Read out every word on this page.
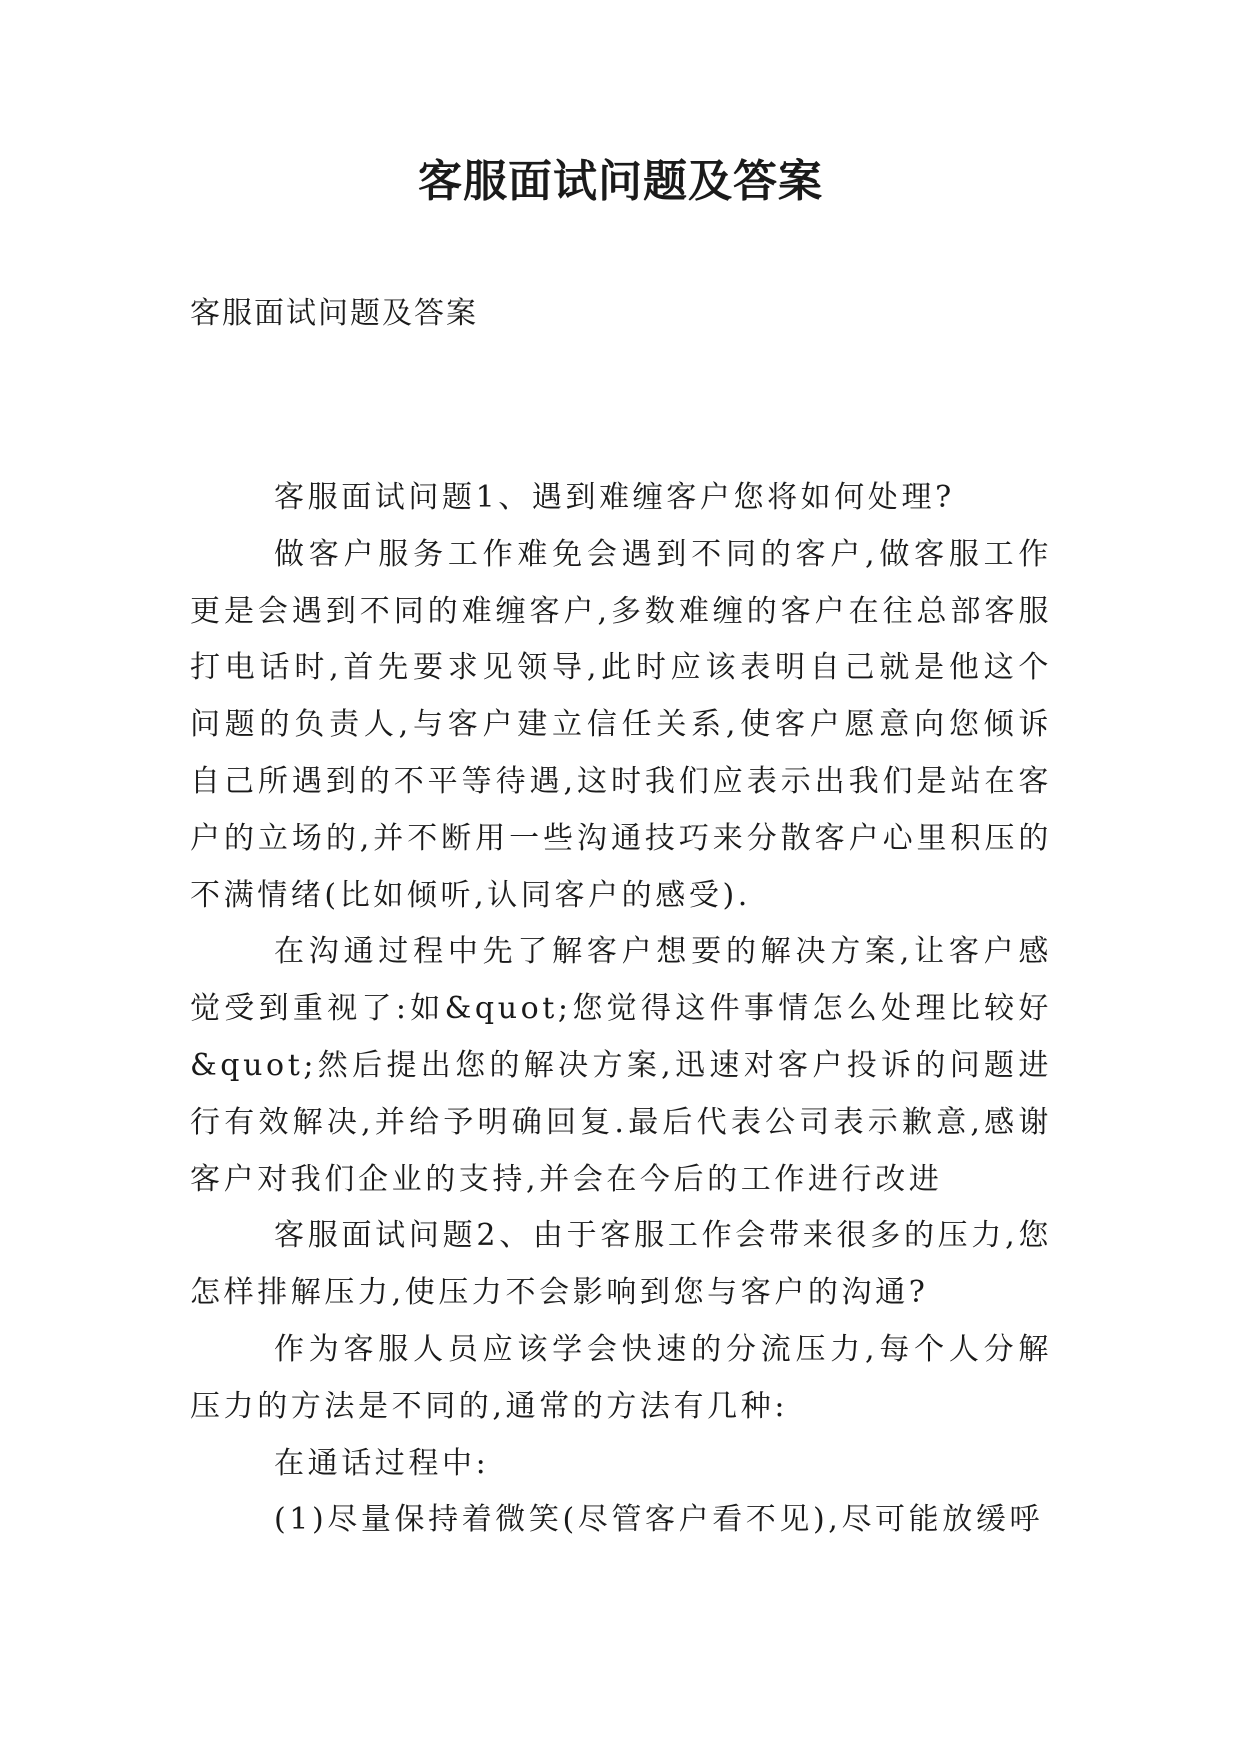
客服面试问题及答案
客服面试问题及答案

客服面试问题1、遇到难缠客户您将如何处理?

做客户服务工作难免会遇到不同的客户,做客服工作更是会遇到不同的难缠客户,多数难缠的客户在往总部客服打电话时,首先要求见领导,此时应该表明自己就是他这个问题的负责人,与客户建立信任关系,使客户愿意向您倾诉自己所遇到的不平等待遇,这时我们应表示出我们是站在客户的立场的,并不断用一些沟通技巧来分散客户心里积压的不满情绪(比如倾听,认同客户的感受).

在沟通过程中先了解客户想要的解决方案,让客户感觉受到重视了:如&quot;您觉得这件事情怎么处理比较好&quot;然后提出您的解决方案,迅速对客户投诉的问题进行有效解决,并给予明确回复.最后代表公司表示歉意,感谢客户对我们企业的支持,并会在今后的工作进行改进

客服面试问题2、由于客服工作会带来很多的压力,您怎样排解压力,使压力不会影响到您与客户的沟通?

作为客服人员应该学会快速的分流压力,每个人分解压力的方法是不同的,通常的方法有几种:

在通话过程中:

(1)尽量保持着微笑(尽管客户看不见),尽可能放缓呼
